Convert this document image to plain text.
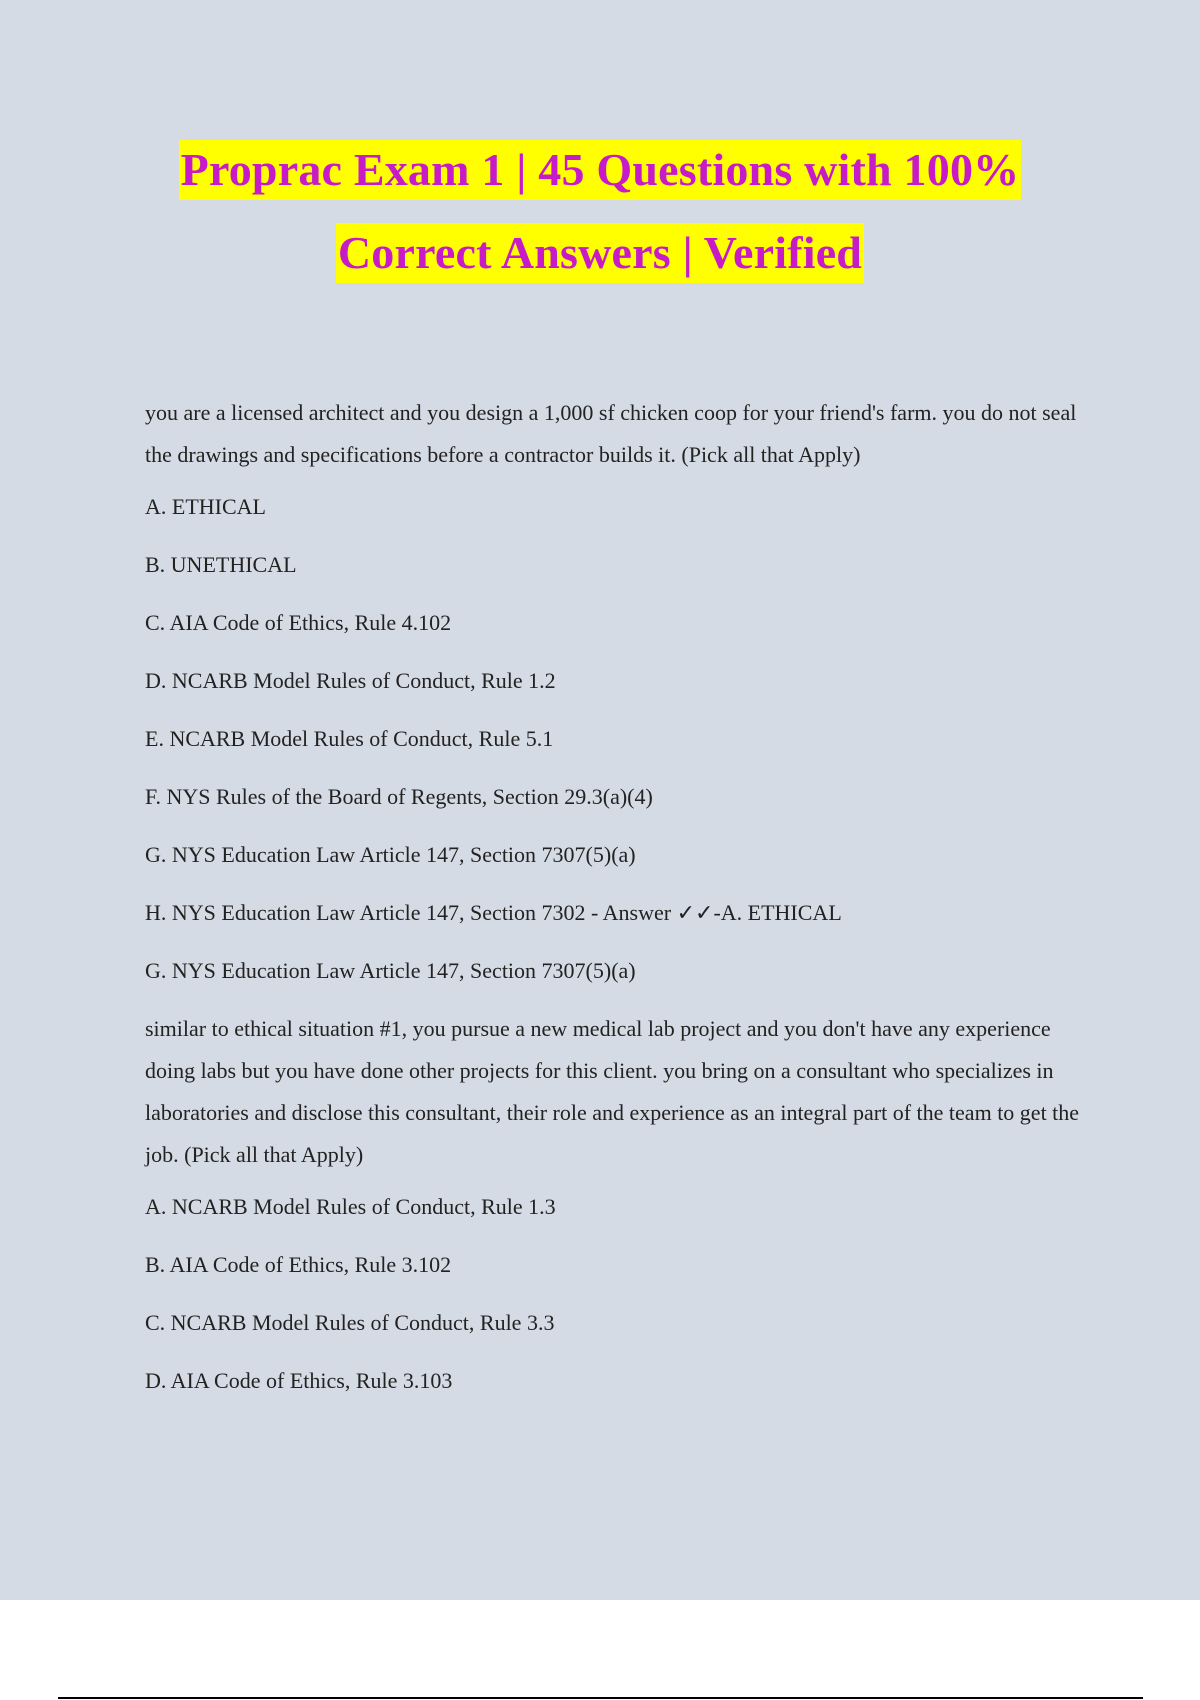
Proprac Exam 1 | 45 Questions with 100%
Correct Answers | Verified
you are a licensed architect and you design a 1,000 sf chicken coop for your friend's farm. you do not seal the drawings and specifications before a contractor builds it. (Pick all that Apply)
A. ETHICAL
B. UNETHICAL
C. AIA Code of Ethics, Rule 4.102
D. NCARB Model Rules of Conduct, Rule 1.2
E. NCARB Model Rules of Conduct, Rule 5.1
F. NYS Rules of the Board of Regents, Section 29.3(a)(4)
G. NYS Education Law Article 147, Section 7307(5)(a)
H. NYS Education Law Article 147, Section 7302 - Answer ✓✓-A. ETHICAL
G. NYS Education Law Article 147, Section 7307(5)(a)
similar to ethical situation #1, you pursue a new medical lab project and you don't have any experience doing labs but you have done other projects for this client. you bring on a consultant who specializes in laboratories and disclose this consultant, their role and experience as an integral part of the team to get the job. (Pick all that Apply)
A. NCARB Model Rules of Conduct, Rule 1.3
B. AIA Code of Ethics, Rule 3.102
C. NCARB Model Rules of Conduct, Rule 3.3
D. AIA Code of Ethics, Rule 3.103
